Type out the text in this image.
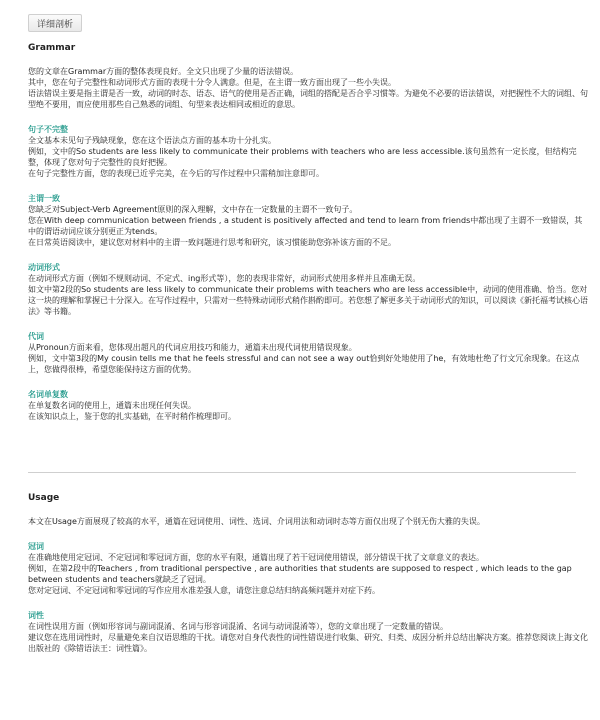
详细剖析
Grammar

您的文章在Grammar方面的整体表现良好。全文只出现了少量的语法错误。

其中，您在句子完整性和动词形式方面的表现十分令人满意。但是，在主谓一致方面出现了一些小失误。

语法错误主要是指主谓是否一致，动词的时态、语态、语气的使用是否正确，词组的搭配是否合乎习惯等。为避免不必要的语法错误，对把握性不大的词组、句型绝不要用，而应使用那些自己熟悉的词组、句型来表达相同或相近的意思。

句子不完整

全文基本未见句子残缺现象，您在这个语法点方面的基本功十分扎实。

例如，文中的So students are less likely to communicate their problems with teachers who are less accessible.该句虽然有一定长度，但结构完整，体现了您对句子完整性的良好把握。

在句子完整性方面，您的表现已近乎完美，在今后的写作过程中只需稍加注意即可。

主谓一致

您缺乏对Subject-Verb Agreement原则的深入理解，文中存在一定数量的主谓不一致句子。

您在With deep communication between friends , a student is positively affected and tend to learn from friends中都出现了主谓不一致错误，其中的谓语动词应该分别更正为tends。

在日常英语阅读中，建议您对材料中的主谓一致问题进行思考和研究，该习惯能助您弥补该方面的不足。

动词形式

在动词形式方面（例如不规则动词、不定式、ing形式等），您的表现非常好，动词形式使用多样并且准确无误。

如文中第2段的So students are less likely to communicate their problems with teachers who are less accessible中，动词的使用准确、恰当。您对这一块的理解和掌握已十分深入。在写作过程中，只需对一些特殊动词形式稍作斟酌即可。若您想了解更多关于动词形式的知识，可以阅读《新托福考试核心语法》等书籍。

代词

从Pronoun方面来看，您体现出超凡的代词应用技巧和能力，通篇未出现代词使用错误现象。

例如，文中第3段的My cousin tells me that he feels stressful and can not see a way out恰到好处地使用了he，有效地杜绝了行文冗余现象。在这点上，您做得很棒，希望您能保持这方面的优势。

名词单复数

在单复数名词的使用上，通篇未出现任何失误。

在该知识点上，鉴于您的扎实基础，在平时稍作梳理即可。

Usage

本文在Usage方面展现了较高的水平，通篇在冠词使用、词性、选词、介词用法和动词时态等方面仅出现了个别无伤大雅的失误。

冠词

在准确地使用定冠词、不定冠词和零冠词方面，您的水平有限，通篇出现了若干冠词使用错误，部分错误干扰了文章意义的表达。

例如，在第2段中的Teachers , from traditional perspective , are authorities that students are supposed to respect , which leads to the gap between students and teachers就缺乏了冠词。

您对定冠词、不定冠词和零冠词的写作应用水准差强人意，请您注意总结归纳高频问题并对症下药。

词性

在词性误用方面（例如形容词与副词混淆、名词与形容词混淆、名词与动词混淆等），您的文章出现了一定数量的错误。

建议您在选用词性时，尽量避免来自汉语思维的干扰。请您对自身代表性的词性错误进行收集、研究、归类、成因分析并总结出解决方案。推荐您阅读上海文化出版社的《除错语法王：词性篇》。
